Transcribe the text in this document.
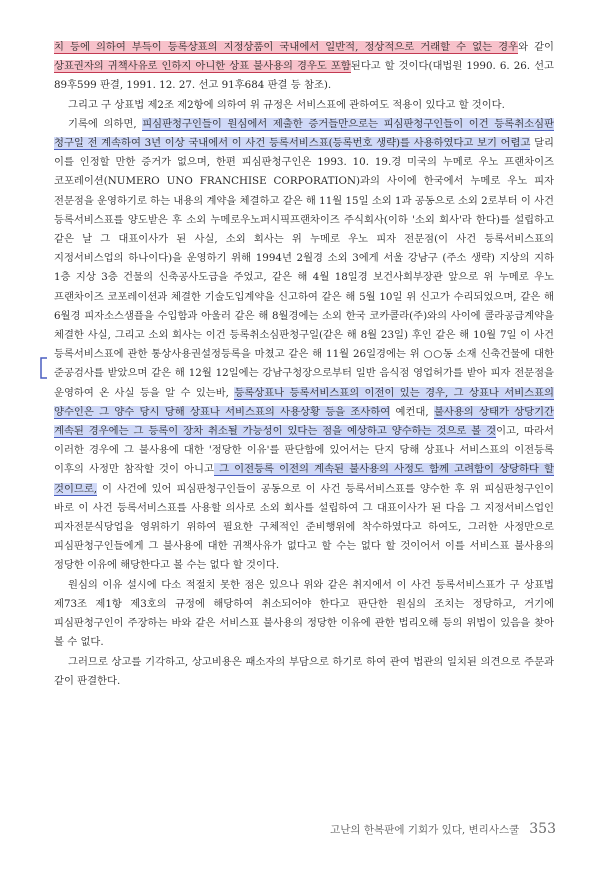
치 등에 의하여 부득이 등록상표의 지정상품이 국내에서 일반적, 정상적으로 거래할 수 없는 경우와 같이 상표권자의 귀책사유로 인하지 아니한 상표 불사용의 경우도 포함된다고 할 것이다(대법원 1990. 6. 26. 선고 89후599 판결, 1991. 12. 27. 선고 91후684 판결 등 참조).

그리고 구 상표법 제2조 제2항에 의하여 위 규정은 서비스표에 관하여도 적용이 있다고 할 것이다.

기록에 의하면, 피심판청구인들이 원심에서 제출한 증거들만으로는 피심판청구인들이 이건 등록취소심판 청구일 전 계속하여 3년 이상 국내에서 이 사건 등록서비스표(등록번호 생략)를 사용하였다고 보기 어렵고 달리 이를 인정할 만한 증거가 없으며, 한편 피심판청구인은 1993. 10. 19.경 미국의 누메로 우노 프랜차이즈 코포레이션(NUMERO UNO FRANCHISE CORPORATION)과의 사이에 한국에서 누메로 우노 피자 전문점을 운영하기로 하는 내용의 계약을 체결하고 같은 해 11월 15일 소외 1과 공동으로 소외 2로부터 이 사건 등록서비스표를 양도받은 후 소외 누메로우노퍼시픽프랜차이즈 주식회사(이하 '소외 회사'라 한다)를 설립하고 같은 날 그 대표이사가 된 사실, 소외 회사는 위 누메로 우노 피자 전문점(이 사건 등록서비스표의 지정서비스업의 하나이다)을 운영하기 위해 1994년 2월경 소외 3에게 서울 강남구 (주소 생략) 지상의 지하 1층 지상 3층 건물의 신축공사도급을 주었고, 같은 해 4월 18일경 보건사회부장관 앞으로 위 누메로 우노 프랜차이즈 코포레이션과 체결한 기술도입계약을 신고하여 같은 해 5월 10일 위 신고가 수리되었으며, 같은 해 6월경 피자소스샘플을 수입함과 아울러 같은 해 8월경에는 소외 한국 코카콜라(주)와의 사이에 콜라공급계약을 체결한 사실, 그리고 소외 회사는 이건 등록취소심판청구일(같은 해 8월 23일) 후인 같은 해 10월 7일 이 사건 등록서비스표에 관한 통상사용권설정등록을 마쳤고 같은 해 11월 26일경에는 위 ○○동 소재 신축건물에 대한 준공검사를 받았으며 같은 해 12월 12일에는 강남구청장으로부터 일반 음식점 영업허가를 받아 피자 전문점을 운영하여 온 사실 등을 알 수 있는바, 등록상표나 등록서비스표의 이전이 있는 경우, 그 상표나 서비스표의 양수인은 그 양수 당시 당해 상표나 서비스표의 사용상황 등을 조사하여 예컨대, 불사용의 상태가 상당기간 계속된 경우에는 그 등록이 장차 취소될 가능성이 있다는 점을 예상하고 양수하는 것으로 볼 것이고, 따라서 이러한 경우에 그 불사용에 대한 '정당한 이유'를 판단함에 있어서는 단지 당해 상표나 서비스표의 이전등록 이후의 사정만 참작할 것이 아니고 그 이전등록 이전의 계속된 불사용의 사정도 함께 고려함이 상당하다 할 것이므로, 이 사건에 있어 피심판청구인들이 공동으로 이 사건 등록서비스표를 양수한 후 위 피심판청구인이 바로 이 사건 등록서비스표를 사용할 의사로 소외 회사를 설립하여 그 대표이사가 된 다음 그 지정서비스업인 피자전문식당업을 영위하기 위하여 필요한 구체적인 준비행위에 착수하였다고 하여도, 그러한 사정만으로 피심판청구인들에게 그 불사용에 대한 귀책사유가 없다고 할 수는 없다 할 것이어서 이를 서비스표 불사용의 정당한 이유에 해당한다고 볼 수는 없다 할 것이다.

원심의 이유 설시에 다소 적절치 못한 점은 있으나 위와 같은 취지에서 이 사건 등록서비스표가 구 상표법 제73조 제1항 제3호의 규정에 해당하여 취소되어야 한다고 판단한 원심의 조치는 정당하고, 거기에 피심판청구인이 주장하는 바와 같은 서비스표 불사용의 정당한 이유에 관한 법리오해 등의 위법이 있음을 찾아 볼 수 없다.

그러므로 상고를 기각하고, 상고비용은 패소자의 부담으로 하기로 하여 관여 법관의 일치된 의견으로 주문과 같이 판결한다.

고난의 한복판에 기회가 있다, 변리사스쿨 353
